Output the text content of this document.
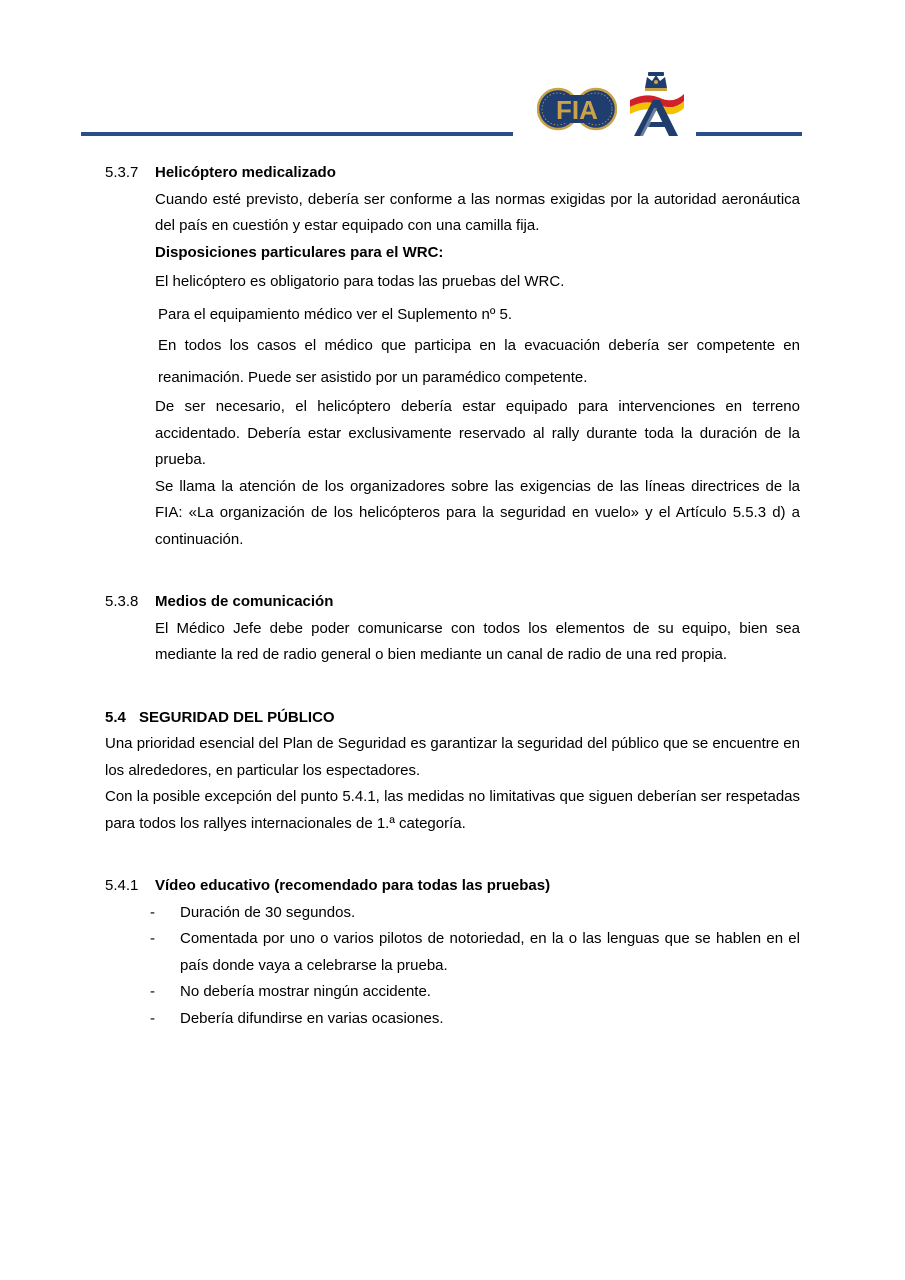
FIA
5.3.7	Helicóptero medicalizado

Cuando esté previsto, debería ser conforme a las normas exigidas por la autoridad aeronáutica del país en cuestión y estar equipado con una camilla fija.

Disposiciones particulares para el WRC:

El helicóptero es obligatorio para todas las pruebas del WRC.

Para el equipamiento médico ver el Suplemento nº 5.

En todos los casos el médico que participa en la evacuación debería ser competente en reanimación. Puede ser asistido por un paramédico competente.

De ser necesario, el helicóptero debería estar equipado para intervenciones en terreno accidentado. Debería estar exclusivamente reservado al rally durante toda la duración de la prueba.

Se llama la atención de los organizadores sobre las exigencias de las líneas directrices de la FIA: «La organización de los helicópteros para la seguridad en vuelo» y el Artículo 5.5.3 d) a continuación.

5.3.8	Medios de comunicación

El Médico Jefe debe poder comunicarse con todos los elementos de su equipo, bien sea mediante la red de radio general o bien mediante un canal de radio de una red propia.

5.4 SEGURIDAD DEL PÚBLICO

Una prioridad esencial del Plan de Seguridad es garantizar la seguridad del público que se encuentre en los alrededores, en particular los espectadores.

Con la posible excepción del punto 5.4.1, las medidas no limitativas que siguen deberían ser respetadas para todos los rallyes internacionales de 1.ª categoría.

5.4.1	Vídeo educativo (recomendado para todas las pruebas)
-	Duración de 30 segundos.
-	Comentada por uno o varios pilotos de notoriedad, en la o las lenguas que se hablen en el país donde vaya a celebrarse la prueba.
-	No debería mostrar ningún accidente.
-	Debería difundirse en varias ocasiones.
